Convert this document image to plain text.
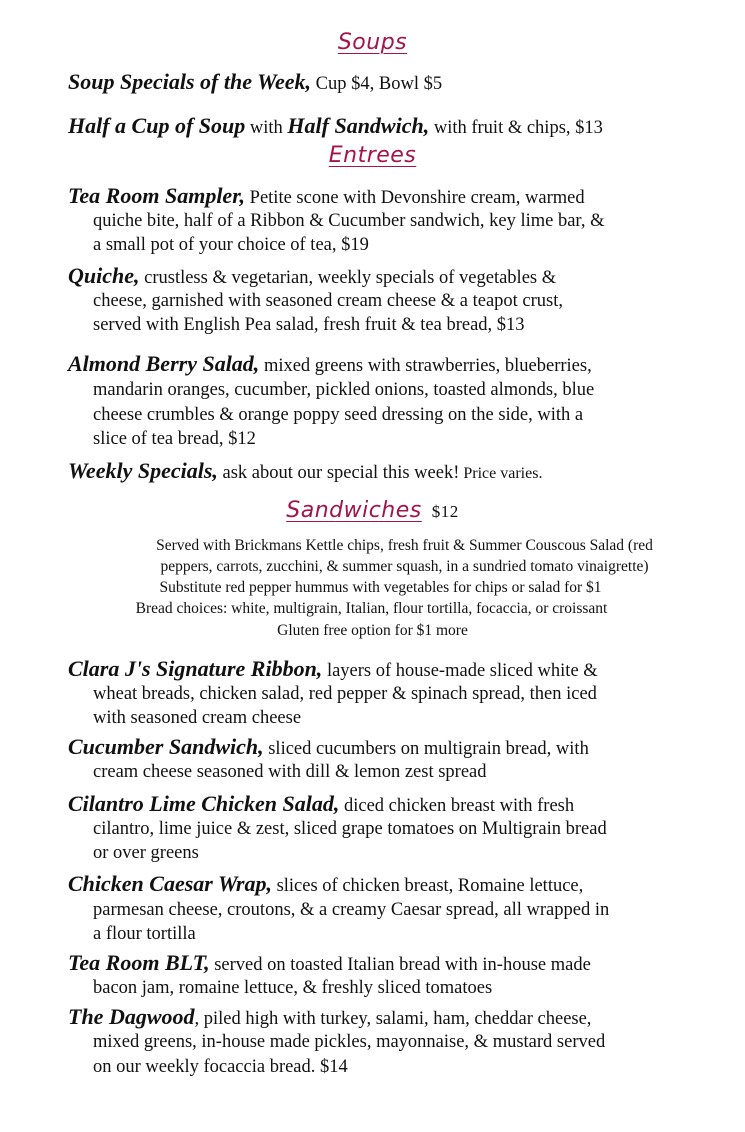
Soups
Soup Specials of the Week, Cup $4, Bowl $5
Half a Cup of Soup with Half Sandwich, with fruit & chips, $13
Entrees
Tea Room Sampler, Petite scone with Devonshire cream, warmed
quiche bite, half of a Ribbon & Cucumber sandwich, key lime bar, &
a small pot of your choice of tea, $19
Quiche, crustless & vegetarian, weekly specials of vegetables &
cheese, garnished with seasoned cream cheese & a teapot crust,
served with English Pea salad, fresh fruit & tea bread, $13
Almond Berry Salad, mixed greens with strawberries, blueberries,
mandarin oranges, cucumber, pickled onions, toasted almonds, blue
cheese crumbles & orange poppy seed dressing on the side, with a
slice of tea bread, $12
Weekly Specials, ask about our special this week! Price varies.
Sandwiches $12
Served with Brickmans Kettle chips, fresh fruit & Summer Couscous Salad (red
peppers, carrots, zucchini, & summer squash, in a sundried tomato vinaigrette)
Substitute red pepper hummus with vegetables for chips or salad for $1
Bread choices: white, multigrain, Italian, flour tortilla, focaccia, or croissant
Gluten free option for $1 more
Clara J's Signature Ribbon, layers of house-made sliced white &
wheat breads, chicken salad, red pepper & spinach spread, then iced
with seasoned cream cheese
Cucumber Sandwich, sliced cucumbers on multigrain bread, with
cream cheese seasoned with dill & lemon zest spread
Cilantro Lime Chicken Salad, diced chicken breast with fresh
cilantro, lime juice & zest, sliced grape tomatoes on Multigrain bread
or over greens
Chicken Caesar Wrap, slices of chicken breast, Romaine lettuce,
parmesan cheese, croutons, & a creamy Caesar spread, all wrapped in
a flour tortilla
Tea Room BLT, served on toasted Italian bread with in-house made
bacon jam, romaine lettuce, & freshly sliced tomatoes
The Dagwood, piled high with turkey, salami, ham, cheddar cheese,
mixed greens, in-house made pickles, mayonnaise, & mustard served
on our weekly focaccia bread. $14
